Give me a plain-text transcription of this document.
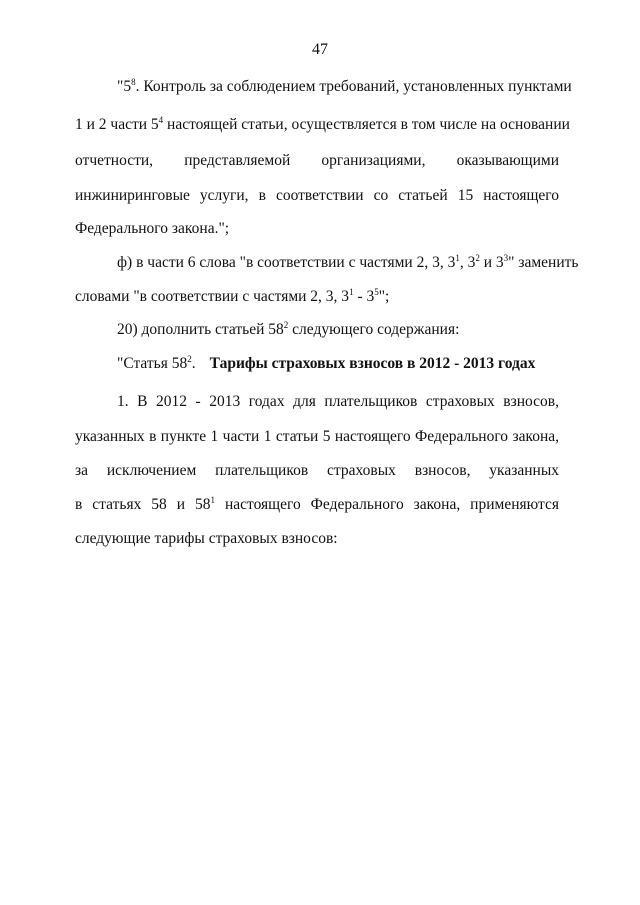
47
"$5^8$. Контроль за соблюдением требований, установленных пунктами
1 и 2 части $5^4$ настоящей статьи, осуществляется в том числе на основании
отчетности, представляемой организациями, оказывающими
инжиниринговые услуги, в соответствии со статьей 15 настоящего
Федерального закона.";
ф) в части 6 слова "в соответствии с частями 2, 3, $3^1$, $3^2$ и $3^3$" заменить
словами "в соответствии с частями 2, 3, $3^1 - 3^5$";
20) дополнить статьей $58^2$ следующего содержания:
"Статья $58^2$. Тарифы страховых взносов в 2012 - 2013 годах
1. В 2012 - 2013 годах для плательщиков страховых взносов,
указанных в пункте 1 части 1 статьи 5 настоящего Федерального закона,
за исключением плательщиков страховых взносов, указанных
в статьях 58 и $58^1$ настоящего Федерального закона, применяются
следующие тарифы страховых взносов:
